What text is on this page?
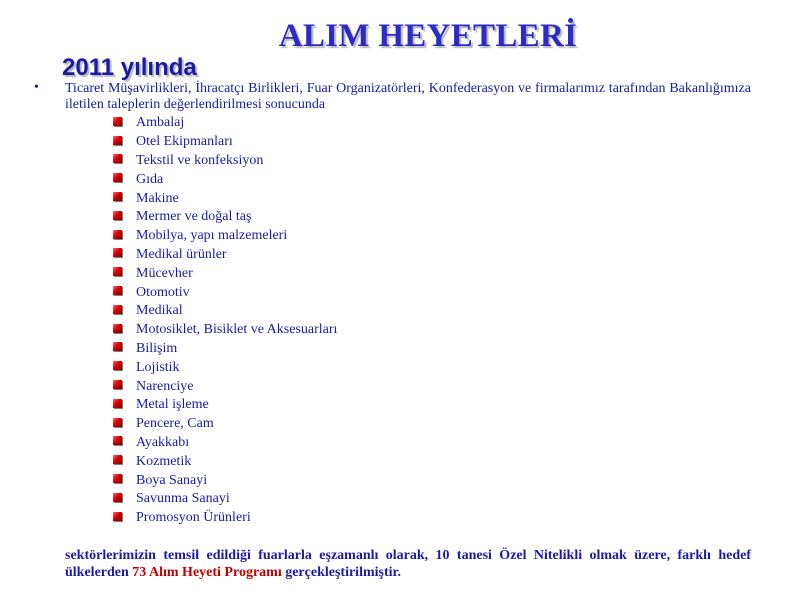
ALIM HEYETLERİ
2011 yılında
• Ticaret Müşavirlikleri, İhracatçı Birlikleri, Fuar Organizatörleri, Konfederasyon ve firmalarımız tarafından Bakanlığımıza iletilen taleplerin değerlendirilmesi sonucunda
Ambalaj
Otel Ekipmanları
Tekstil ve konfeksiyon
Gıda
Makine
Mermer ve doğal taş
Mobilya, yapı malzemeleri
Medikal ürünler
Mücevher
Otomotiv
Medikal
Motosiklet, Bisiklet ve Aksesuarları
Bilişim
Lojistik
Narenciye
Metal işleme
Pencere, Cam
Ayakkabı
Kozmetik
Boya Sanayi
Savunma Sanayi
Promosyon Ürünleri
sektörlerimizin temsil edildiği fuarlarla eşzamanlı olarak, 10 tanesi Özel Nitelikli olmak üzere, farklı hedef ülkelerden 73 Alım Heyeti Programı gerçekleştirilmiştir.
